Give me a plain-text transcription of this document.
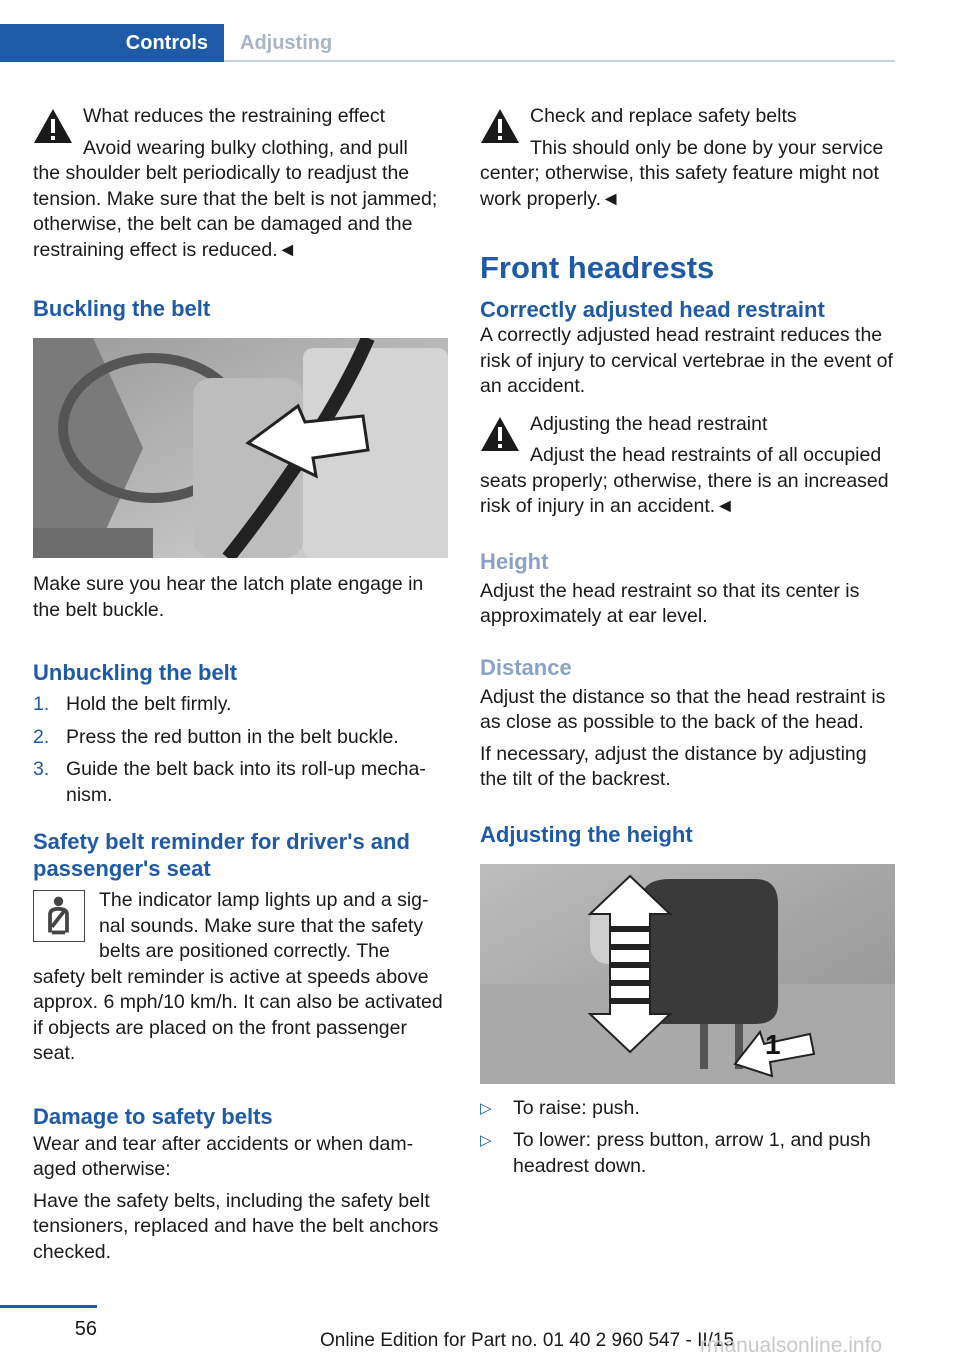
Controls	Adjusting

What reduces the restraining effect

Avoid wearing bulky clothing, and pull

the shoulder belt periodically to readjust the tension. Make sure that the belt is not jammed; otherwise, the belt can be damaged and the restraining effect is reduced.◄

Buckling the belt

Make sure you hear the latch plate engage in the belt buckle.

Unbuckling the belt
1. Hold the belt firmly.
2. Press the red button in the belt buckle.
3. Guide the belt back into its roll-up mechanism.
Safety belt reminder for driver's and passenger's seat

The indicator lamp lights up and a signal sounds. Make sure that the safety belts are positioned correctly. The

safety belt reminder is active at speeds above approx. 6 mph/10 km/h. It can also be activated if objects are placed on the front passenger seat.

Damage to safety belts

Wear and tear after accidents or when damaged otherwise:

Have the safety belts, including the safety belt tensioners, replaced and have the belt anchors checked.

Check and replace safety belts

This should only be done by your service

center; otherwise, this safety feature might not work properly.◄

Front headrests
Correctly adjusted head restraint

A correctly adjusted head restraint reduces the risk of injury to cervical vertebrae in the event of an accident.

Adjusting the head restraint

Adjust the head restraints of all occupied

seats properly; otherwise, there is an increased risk of injury in an accident.◄

Height

Adjust the head restraint so that its center is approximately at ear level.

Distance

Adjust the distance so that the head restraint is as close as possible to the back of the head.

If necessary, adjust the distance by adjusting the tilt of the backrest.

Adjusting the height
1
▷ To raise: push.
▷ To lower: press button, arrow 1, and push headrest down.
56
Online Edition for Part no. 01 40 2 960 547 - II/15
rmanualsonline.info
